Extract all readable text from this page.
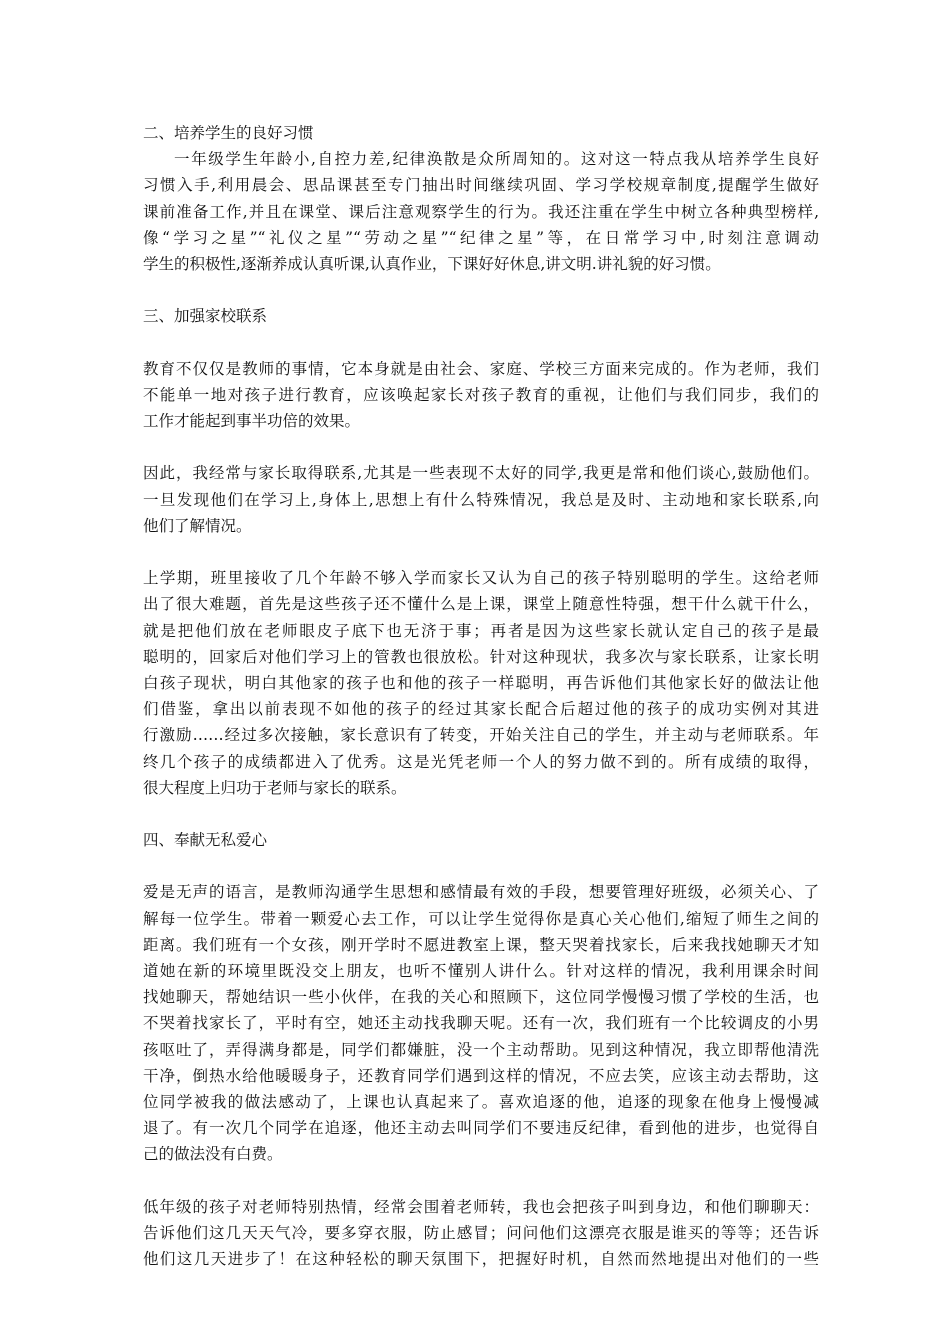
二、培养学生的良好习惯
一年级学生年龄小,自控力差,纪律涣散是众所周知的。这对这一特点我从培养学生良好
习惯入手,利用晨会、思品课甚至专门抽出时间继续巩固、学习学校规章制度,提醒学生做好
课前准备工作,并且在课堂、课后注意观察学生的行为。我还注重在学生中树立各种典型榜样,
像“学习之星”“礼仪之星”“劳动之星”“纪律之星”等，在日常学习中,时刻注意调动
学生的积极性,逐渐养成认真听课,认真作业，下课好好休息,讲文明.讲礼貌的好习惯。
三、加强家校联系
教育不仅仅是教师的事情，它本身就是由社会、家庭、学校三方面来完成的。作为老师，我们
不能单一地对孩子进行教育，应该唤起家长对孩子教育的重视，让他们与我们同步，我们的
工作才能起到事半功倍的效果。
因此，我经常与家长取得联系,尤其是一些表现不太好的同学,我更是常和他们谈心,鼓励他们。
一旦发现他们在学习上,身体上,思想上有什么特殊情况，我总是及时、主动地和家长联系,向
他们了解情况。
上学期，班里接收了几个年龄不够入学而家长又认为自己的孩子特别聪明的学生。这给老师
出了很大难题，首先是这些孩子还不懂什么是上课，课堂上随意性特强，想干什么就干什么，
就是把他们放在老师眼皮子底下也无济于事；再者是因为这些家长就认定自己的孩子是最
聪明的，回家后对他们学习上的管教也很放松。针对这种现状，我多次与家长联系，让家长明
白孩子现状，明白其他家的孩子也和他的孩子一样聪明，再告诉他们其他家长好的做法让他
们借鉴，拿出以前表现不如他的孩子的经过其家长配合后超过他的孩子的成功实例对其进
行激励……经过多次接触，家长意识有了转变，开始关注自己的学生，并主动与老师联系。年
终几个孩子的成绩都进入了优秀。这是光凭老师一个人的努力做不到的。所有成绩的取得，
很大程度上归功于老师与家长的联系。
四、奉献无私爱心
爱是无声的语言，是教师沟通学生思想和感情最有效的手段，想要管理好班级，必须关心、了
解每一位学生。带着一颗爱心去工作，可以让学生觉得你是真心关心他们,缩短了师生之间的
距离。我们班有一个女孩，刚开学时不愿进教室上课，整天哭着找家长，后来我找她聊天才知
道她在新的环境里既没交上朋友，也听不懂别人讲什么。针对这样的情况，我利用课余时间
找她聊天，帮她结识一些小伙伴，在我的关心和照顾下，这位同学慢慢习惯了学校的生活，也
不哭着找家长了，平时有空，她还主动找我聊天呢。还有一次，我们班有一个比较调皮的小男
孩呕吐了，弄得满身都是，同学们都嫌脏，没一个主动帮助。见到这种情况，我立即帮他清洗
干净，倒热水给他暖暖身子，还教育同学们遇到这样的情况，不应去笑，应该主动去帮助，这
位同学被我的做法感动了，上课也认真起来了。喜欢追逐的他，追逐的现象在他身上慢慢减
退了。有一次几个同学在追逐，他还主动去叫同学们不要违反纪律，看到他的进步，也觉得自
己的做法没有白费。
低年级的孩子对老师特别热情，经常会围着老师转，我也会把孩子叫到身边，和他们聊聊天：
告诉他们这几天天气冷，要多穿衣服，防止感冒；问问他们这漂亮衣服是谁买的等等；还告诉
他们这几天进步了！在这种轻松的聊天氛围下，把握好时机，自然而然地提出对他们的一些
